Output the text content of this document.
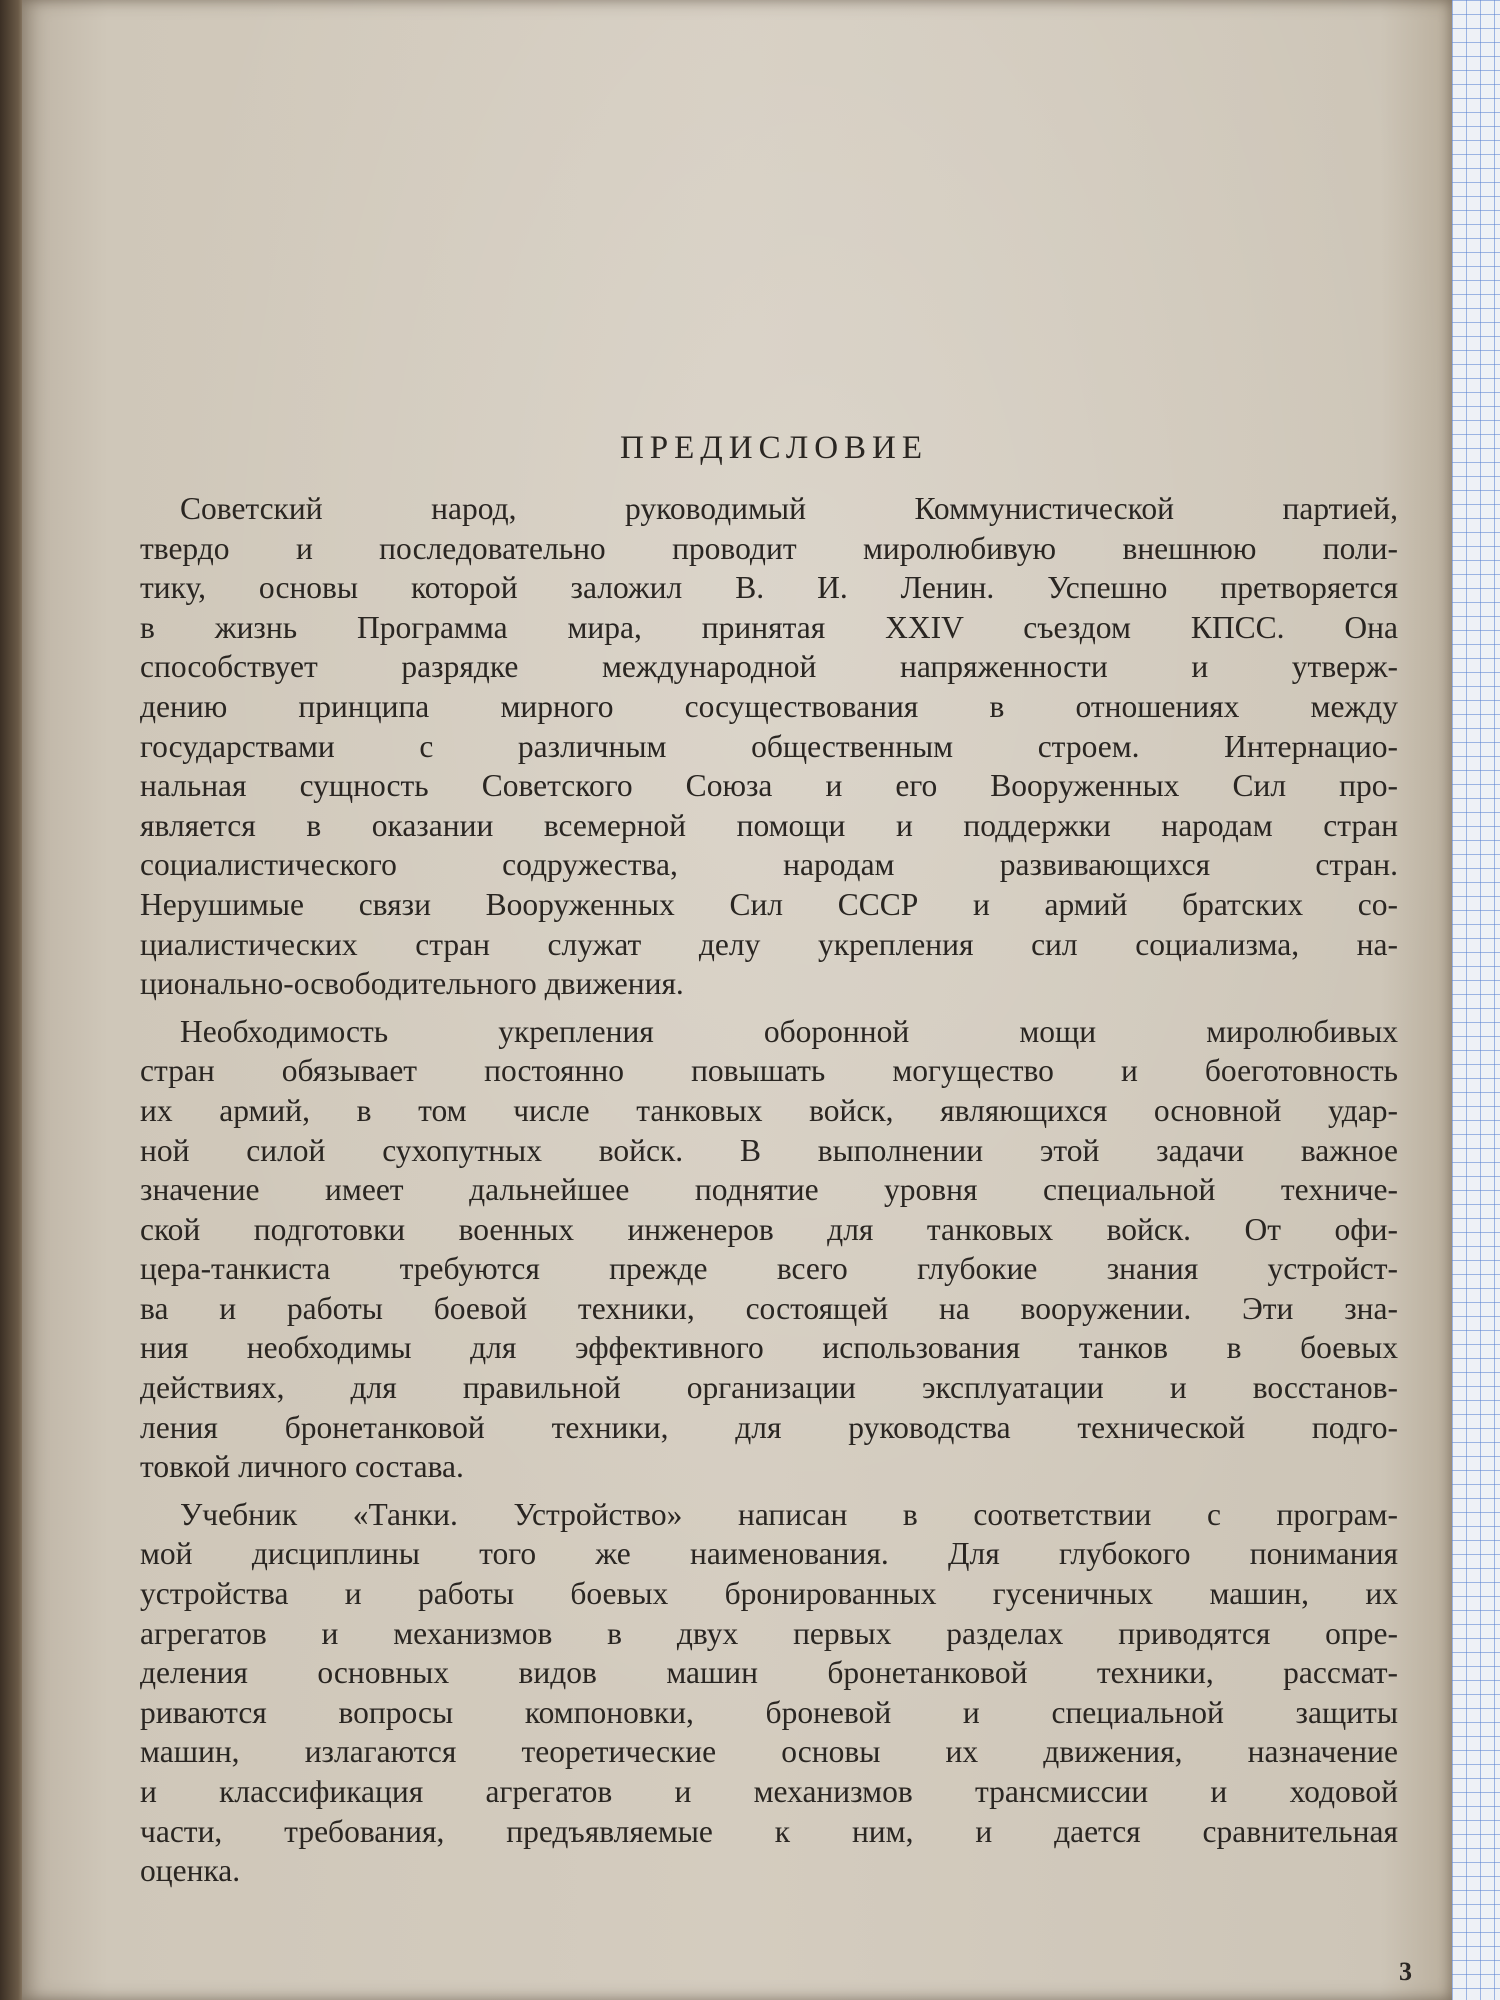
ПРЕДИСЛОВИЕ

Советский народ, руководимый Коммунистической партией,
твердо и последовательно проводит миролюбивую внешнюю поли-
тику, основы которой заложил В. И. Ленин. Успешно претворяется
в жизнь Программа мира, принятая XXIV съездом КПСС. Она
способствует разрядке международной напряженности и утверж-
дению принципа мирного сосуществования в отношениях между
государствами с различным общественным строем. Интернацио-
нальная сущность Советского Союза и его Вооруженных Сил про-
является в оказании всемерной помощи и поддержки народам стран
социалистического содружества, народам развивающихся стран.
Нерушимые связи Вооруженных Сил СССР и армий братских со-
циалистических стран служат делу укрепления сил социализма, на-
ционально-освободительного движения.

Необходимость укрепления оборонной мощи миролюбивых
стран обязывает постоянно повышать могущество и боеготовность
их армий, в том числе танковых войск, являющихся основной удар-
ной силой сухопутных войск. В выполнении этой задачи важное
значение имеет дальнейшее поднятие уровня специальной техниче-
ской подготовки военных инженеров для танковых войск. От офи-
цера-танкиста требуются прежде всего глубокие знания устройст-
ва и работы боевой техники, состоящей на вооружении. Эти зна-
ния необходимы для эффективного использования танков в боевых
действиях, для правильной организации эксплуатации и восстанов-
ления бронетанковой техники, для руководства технической подго-
товкой личного состава.

Учебник «Танки. Устройство» написан в соответствии с програм-
мой дисциплины того же наименования. Для глубокого понимания
устройства и работы боевых бронированных гусеничных машин, их
агрегатов и механизмов в двух первых разделах приводятся опре-
деления основных видов машин бронетанковой техники, рассмат-
риваются вопросы компоновки, броневой и специальной защиты
машин, излагаются теоретические основы их движения, назначение
и классификация агрегатов и механизмов трансмиссии и ходовой
части, требования, предъявляемые к ним, и дается сравнительная
оценка.

3
